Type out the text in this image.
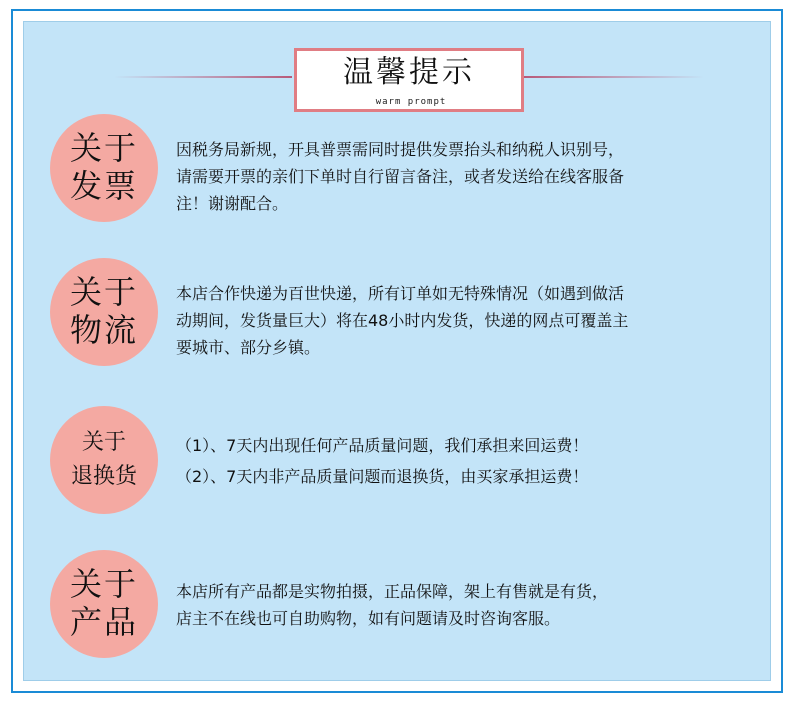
温馨提示
warm prompt
关于
发票

因税务局新规，开具普票需同时提供发票抬头和纳税人识别号，

请需要开票的亲们下单时自行留言备注，或者发送给在线客服备

注！谢谢配合。

关于
物流

本店合作快递为百世快递，所有订单如无特殊情况（如遇到做活

动期间，发货量巨大）将在48小时内发货，快递的网点可覆盖主

要城市、部分乡镇。

关于
退换货

（1）、7天内出现任何产品质量问题，我们承担来回运费！

（2）、7天内非产品质量问题而退换货，由买家承担运费！

关于
产品

本店所有产品都是实物拍摄，正品保障，架上有售就是有货，

店主不在线也可自助购物，如有问题请及时咨询客服。
